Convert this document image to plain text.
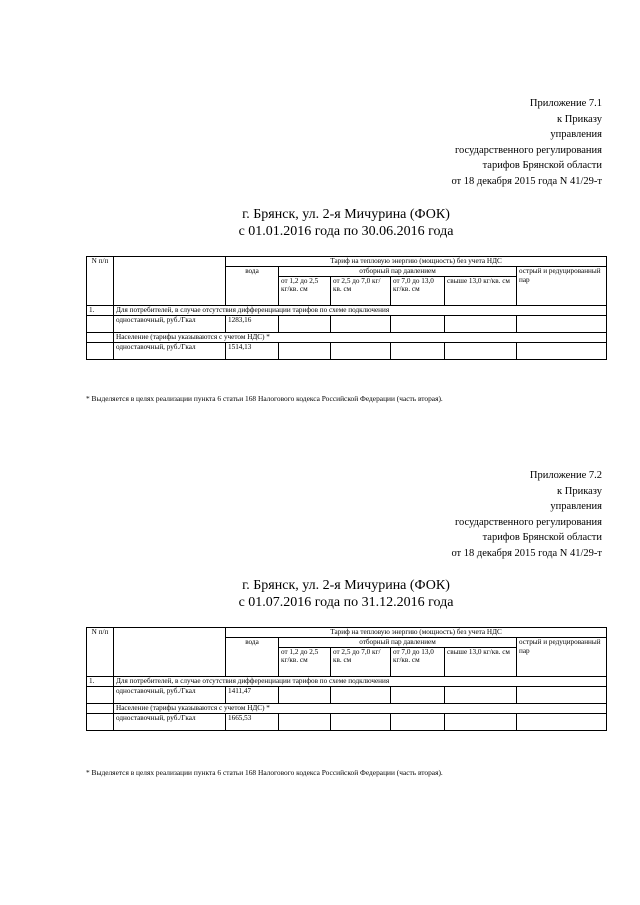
Приложение 7.1
к Приказу
управления
государственного регулирования
тарифов Брянской области
от 18 декабря 2015 года N 41/29-т
г. Брянск, ул. 2-я Мичурина (ФОК)
с 01.01.2016 года по 30.06.2016 года
N п/п		Тариф на тепловую энергию (мощность) без учета НДС					
		вода	отборный пар давлением				острый и редуцированный пар
			от 1,2 до 2,5 кг/кв. см	от 2,5 до 7,0 кг/кв. см	от 7,0 до 13,0 кг/кв. см	свыше 13,0 кг/кв. см	
1.	Для потребителей, в случае отсутствия дифференциации тарифов по схеме подключения						
	одноставочный, руб./Гкал	1283,16					
	Население (тарифы указываются с учетом НДС) *						
	одноставочный, руб./Гкал	1514,13					
* Выделяется в целях реализации пункта 6 статьи 168 Налогового кодекса Российской Федерации (часть вторая).
Приложение 7.2
к Приказу
управления
государственного регулирования
тарифов Брянской области
от 18 декабря 2015 года N 41/29-т
г. Брянск, ул. 2-я Мичурина (ФОК)
с 01.07.2016 года по 31.12.2016 года
N п/п		Тариф на тепловую энергию (мощность) без учета НДС					
		вода	отборный пар давлением				острый и редуцированный пар
			от 1,2 до 2,5 кг/кв. см	от 2,5 до 7,0 кг/кв. см	от 7,0 до 13,0 кг/кв. см	свыше 13,0 кг/кв. см	
1.	Для потребителей, в случае отсутствия дифференциации тарифов по схеме подключения						
	одноставочный, руб./Гкал	1411,47					
	Население (тарифы указываются с учетом НДС) *						
	одноставочный, руб./Гкал	1665,53					
* Выделяется в целях реализации пункта 6 статьи 168 Налогового кодекса Российской Федерации (часть вторая).
